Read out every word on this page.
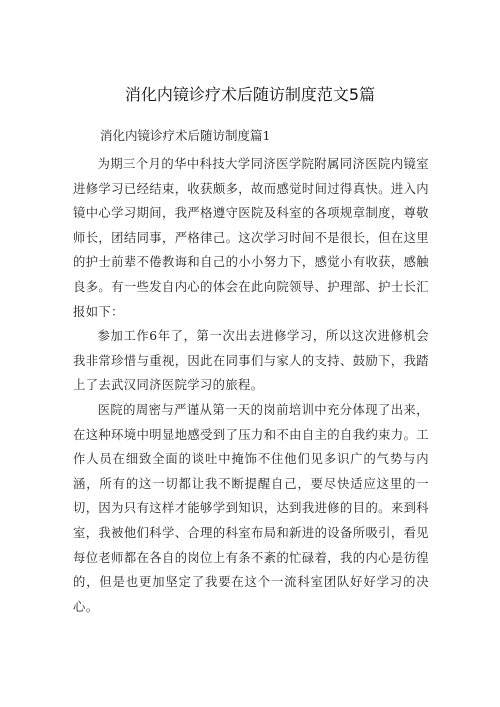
消化内镜诊疗术后随访制度范文5篇

消化内镜诊疗术后随访制度篇1

为期三个月的华中科技大学同济医学院附属同济医院内镜室进修学习已经结束，收获颇多，故而感觉时间过得真快。进入内镜中心学习期间，我严格遵守医院及科室的各项规章制度，尊敬师长，团结同事，严格律己。这次学习时间不是很长，但在这里的护士前辈不倦教诲和自己的小小努力下，感觉小有收获，感触良多。有一些发自内心的体会在此向院领导、护理部、护士长汇报如下：

参加工作6年了，第一次出去进修学习，所以这次进修机会我非常珍惜与重视，因此在同事们与家人的支持、鼓励下，我踏上了去武汉同济医院学习的旅程。

医院的周密与严谨从第一天的岗前培训中充分体现了出来，在这种环境中明显地感受到了压力和不由自主的自我约束力。工作人员在细致全面的谈吐中掩饰不住他们见多识广的气势与内涵，所有的这一切都让我不断提醒自己，要尽快适应这里的一切，因为只有这样才能够学到知识，达到我进修的目的。来到科室，我被他们科学、合理的科室布局和新进的设备所吸引，看见每位老师都在各自的岗位上有条不紊的忙碌着，我的内心是彷徨的，但是也更加坚定了我要在这个一流科室团队好好学习的决心。
